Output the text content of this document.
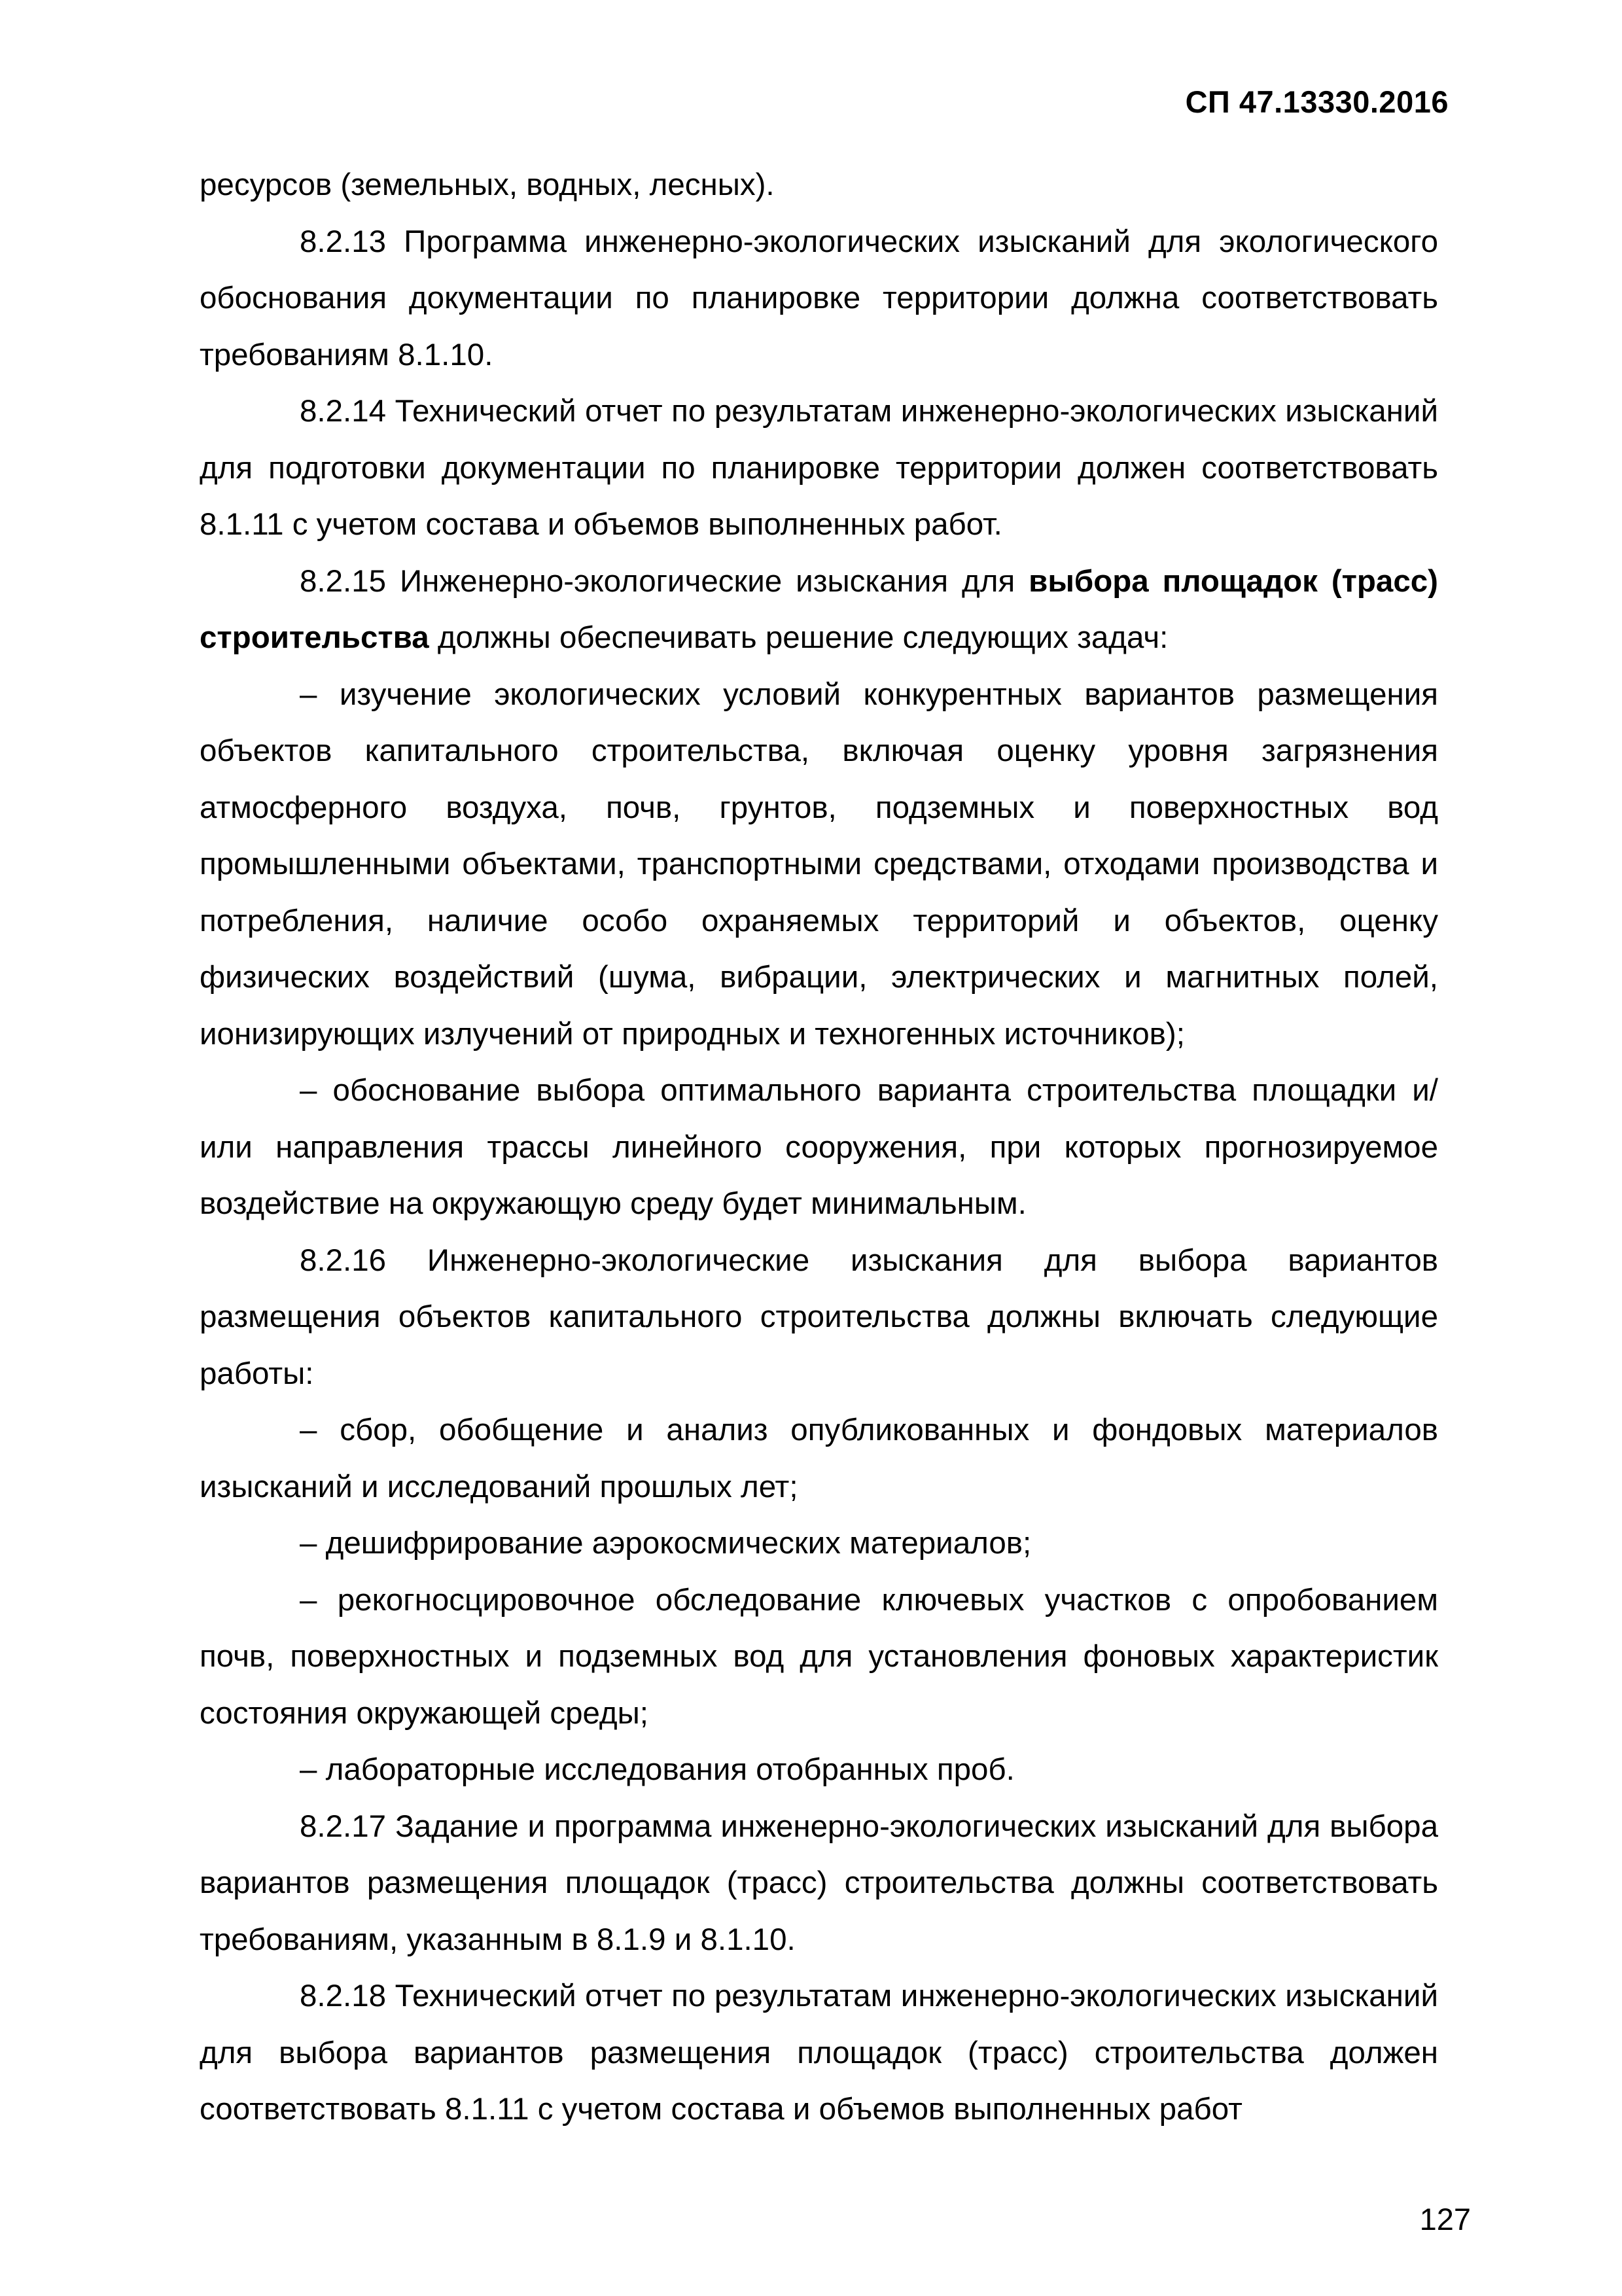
СП 47.13330.2016

ресурсов (земельных, водных, лесных).

8.2.13 Программа инженерно-экологических изысканий для экологического обоснования документации по планировке территории должна соответствовать требованиям 8.1.10.

8.2.14 Технический отчет по результатам инженерно-экологических изысканий для подготовки документации по планировке территории должен соответствовать 8.1.11 с учетом состава и объемов выполненных работ.

8.2.15 Инженерно-экологические изыскания для выбора площадок (трасс) строительства должны обеспечивать решение следующих задач:

– изучение экологических условий конкурентных вариантов размещения объектов капитального строительства, включая оценку уровня загрязнения атмосферного воздуха, почв, грунтов, подземных и поверхностных вод промышленными объектами, транспортными средствами, отходами производства и потребления, наличие особо охраняемых территорий и объектов, оценку физических воздействий (шума, вибрации, электрических и магнитных полей, ионизирующих излучений от природных и техногенных источников);

– обоснование выбора оптимального варианта строительства площадки и/или направления трассы линейного сооружения, при которых прогнозируемое воздействие на окружающую среду будет минимальным.

8.2.16 Инженерно-экологические изыскания для выбора вариантов размещения объектов капитального строительства должны включать следующие работы:

– сбор, обобщение и анализ опубликованных и фондовых материалов изысканий и исследований прошлых лет;

– дешифрирование аэрокосмических материалов;

– рекогносцировочное обследование ключевых участков с опробованием почв, поверхностных и подземных вод для установления фоновых характеристик состояния окружающей среды;

– лабораторные исследования отобранных проб.

8.2.17 Задание и программа инженерно-экологических изысканий для выбора вариантов размещения площадок (трасс) строительства должны соответствовать требованиям, указанным в 8.1.9 и 8.1.10.

8.2.18 Технический отчет по результатам инженерно-экологических изысканий для выбора вариантов размещения площадок (трасс) строительства должен соответствовать 8.1.11 с учетом состава и объемов выполненных работ

127
